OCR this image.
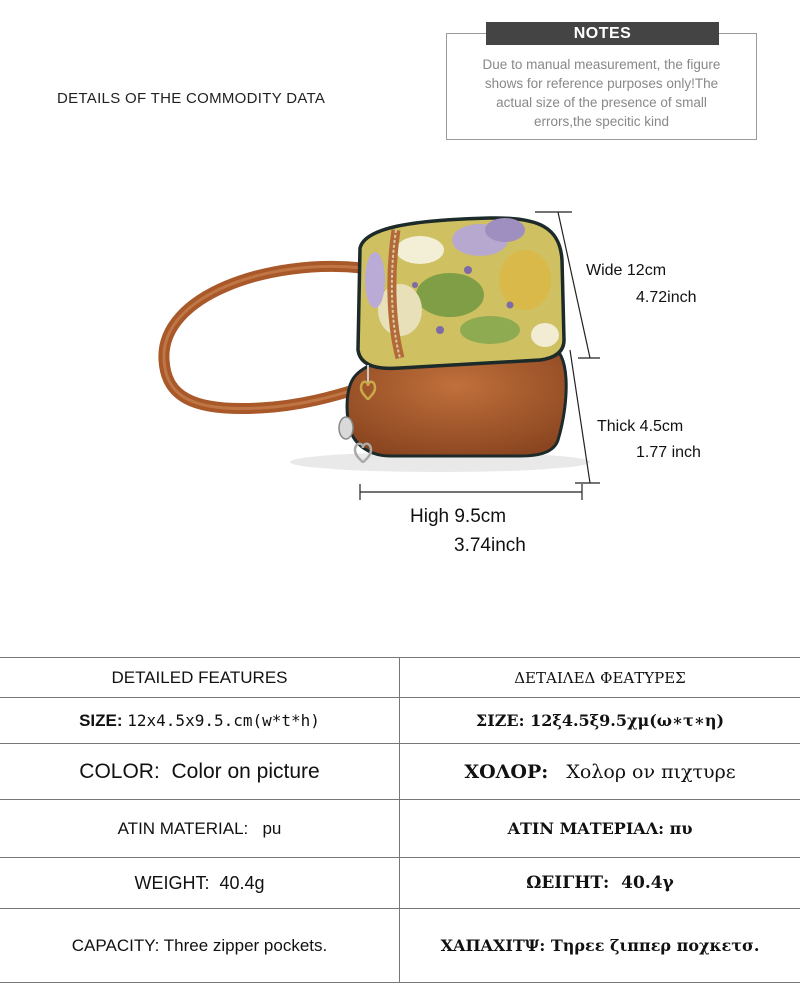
DETAILS OF THE COMMODITY DATA
NOTES
Due to manual measurement, the figure
shows for reference purposes only!The
actual size of the presence of small
errors,the specitic kind
Wide 12cm
4.72inch
Thick 4.5cm
1.77 inch
High 9.5cm
3.74inch
DETAILED FEATURES	ΔΕΤΑΙΛΕΔ ΦΕΑΤΥΡΕΣ
SIZE: 12x4.5x9.5.cm(w*t*h)	ΣΙΖΕ: 12ξ4.5ξ9.5χμ(ω∗τ∗η)
COLOR: Color on picture	ΧΟΛΟΡ: Χολορ ον πιχτυρε
ATIN MATERIAL: pu	ΑΤΙΝ ΜΑΤΕΡΙΑΛ: πυ
WEIGHT: 40.4g	ΩΕΙΓΗΤ: 40.4γ
CAPACITY: Three zipper pockets.	ΧΑΠΑΧΙΤΨ: Τηρεε ζιππερ ποχκετσ.
